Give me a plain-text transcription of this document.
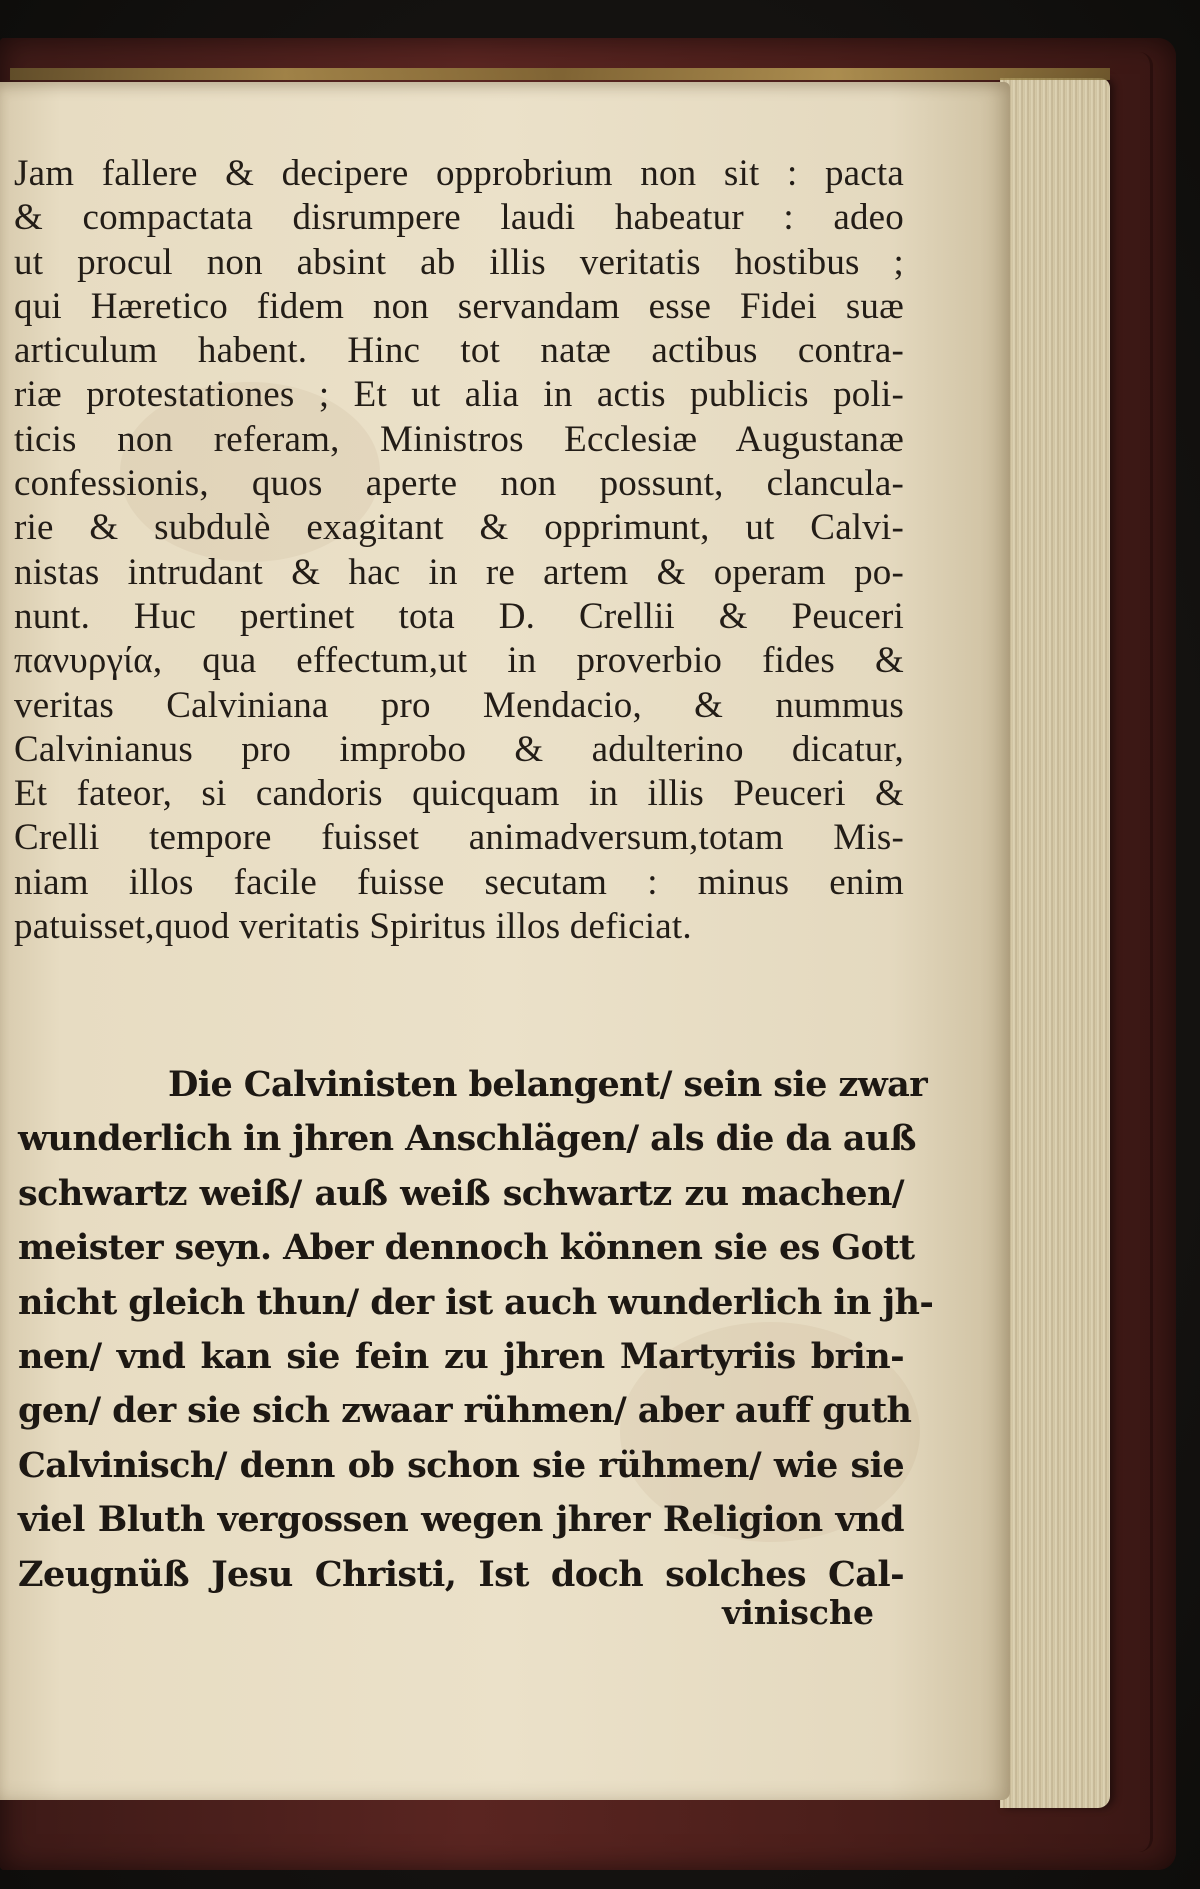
Jam fallere & decipere opprobrium non sit : pacta

& compactata disrumpere laudi habeatur : adeo

ut procul non absint ab illis veritatis hostibus ;

qui Hæretico fidem non servandam esse Fidei suæ

articulum habent. Hinc tot natæ actibus contra-

riæ protestationes ; Et ut alia in actis publicis poli-

ticis non referam, Ministros Ecclesiæ Augustanæ

confessionis, quos aperte non possunt, clancula-

rie & subdulè exagitant & opprimunt, ut Calvi-

nistas intrudant & hac in re artem & operam po-

nunt. Huc pertinet tota D. Crellii & Peuceri

πανυργία, qua effectum,ut in proverbio fides &

veritas Calviniana pro Mendacio, & nummus

Calvinianus pro improbo & adulterino dicatur,

Et fateor, si candoris quicquam in illis Peuceri &

Crelli tempore fuisset animadversum,totam Mis-

niam illos facile fuisse secutam : minus enim

patuisset,quod veritatis Spiritus illos deficiat.

Die Calvinisten belangent/ sein sie zwar

wunderlich in jhren Anschlägen/ als die da auß

schwartz weiß/ auß weiß schwartz zu machen/

meister seyn. Aber dennoch können sie es Gott

nicht gleich thun/ der ist auch wunderlich in jh-

nen/ vnd kan sie fein zu jhren Martyriis brin-

gen/ der sie sich zwaar rühmen/ aber auff guth

Calvinisch/ denn ob schon sie rühmen/ wie sie

viel Bluth vergossen wegen jhrer Religion vnd

Zeugnüß Jesu Christi, Ist doch solches Cal-

vinische
